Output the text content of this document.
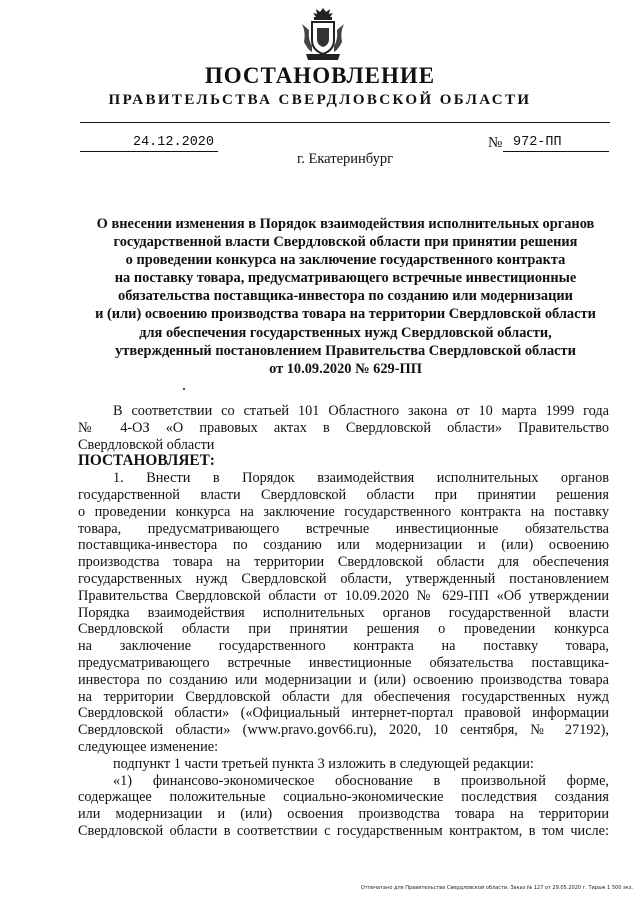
ПОСТАНОВЛЕНИЕ
ПРАВИТЕЛЬСТВА СВЕРДЛОВСКОЙ ОБЛАСТИ
24.12.2020	№ 972-ПП
г. Екатеринбург
О внесении изменения в Порядок взаимодействия исполнительных органов
государственной власти Свердловской области при принятии решения
о проведении конкурса на заключение государственного контракта
на поставку товара, предусматривающего встречные инвестиционные
обязательства поставщика-инвестора по созданию или модернизации
и (или) освоению производства товара на территории Свердловской области
для обеспечения государственных нужд Свердловской области,
утвержденный постановлением Правительства Свердловской области
от 10.09.2020 № 629-ПП
В соответствии со статьей 101 Областного закона от 10 марта 1999 года
№ 4-ОЗ «О правовых актах в Свердловской области» Правительство
Свердловской области
ПОСТАНОВЛЯЕТ:
1. Внести в Порядок взаимодействия исполнительных органов
государственной власти Свердловской области при принятии решения
о проведении конкурса на заключение государственного контракта на поставку
товара, предусматривающего встречные инвестиционные обязательства
поставщика-инвестора по созданию или модернизации и (или) освоению
производства товара на территории Свердловской области для обеспечения
государственных нужд Свердловской области, утвержденный постановлением
Правительства Свердловской области от 10.09.2020 № 629-ПП «Об утверждении
Порядка взаимодействия исполнительных органов государственной власти
Свердловской области при принятии решения о проведении конкурса
на заключение государственного контракта на поставку товара,
предусматривающего встречные инвестиционные обязательства поставщика-
инвестора по созданию или модернизации и (или) освоению производства товара
на территории Свердловской области для обеспечения государственных нужд
Свердловской области» («Официальный интернет-портал правовой информации
Свердловской области» (www.pravo.gov66.ru), 2020, 10 сентября, № 27192),
следующее изменение:
подпункт 1 части третьей пункта 3 изложить в следующей редакции:
«1) финансово-экономическое обоснование в произвольной форме,
содержащее положительные социально-экономические последствия создания
или модернизации и (или) освоения производства товара на территории
Свердловской области в соответствии с государственным контрактом, в том числе:
Отпечатано для Правительства Свердловской области. Заказ № 127 от 29.05.2020 г. Тираж 1 500 экз.
